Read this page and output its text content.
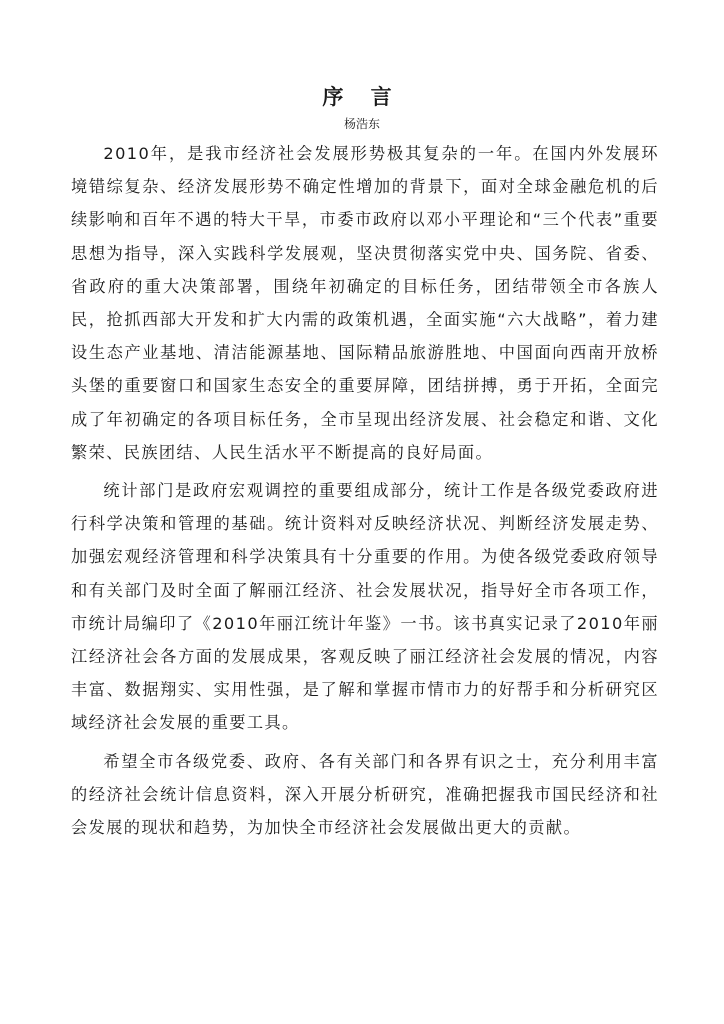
序 言
杨浩东

2010年，是我市经济社会发展形势极其复杂的一年。在国内外发展环境错综复杂、经济发展形势不确定性增加的背景下，面对全球金融危机的后续影响和百年不遇的特大干旱，市委市政府以邓小平理论和“三个代表”重要思想为指导，深入实践科学发展观，坚决贯彻落实党中央、国务院、省委、省政府的重大决策部署，围绕年初确定的目标任务，团结带领全市各族人民，抢抓西部大开发和扩大内需的政策机遇，全面实施“六大战略”，着力建设生态产业基地、清洁能源基地、国际精品旅游胜地、中国面向西南开放桥头堡的重要窗口和国家生态安全的重要屏障，团结拼搏，勇于开拓，全面完成了年初确定的各项目标任务，全市呈现出经济发展、社会稳定和谐、文化繁荣、民族团结、人民生活水平不断提高的良好局面。

统计部门是政府宏观调控的重要组成部分，统计工作是各级党委政府进行科学决策和管理的基础。统计资料对反映经济状况、判断经济发展走势、加强宏观经济管理和科学决策具有十分重要的作用。为使各级党委政府领导和有关部门及时全面了解丽江经济、社会发展状况，指导好全市各项工作，市统计局编印了《2010年丽江统计年鉴》一书。该书真实记录了2010年丽江经济社会各方面的发展成果，客观反映了丽江经济社会发展的情况，内容丰富、数据翔实、实用性强，是了解和掌握市情市力的好帮手和分析研究区域经济社会发展的重要工具。

希望全市各级党委、政府、各有关部门和各界有识之士，充分利用丰富的经济社会统计信息资料，深入开展分析研究，准确把握我市国民经济和社会发展的现状和趋势，为加快全市经济社会发展做出更大的贡献。
